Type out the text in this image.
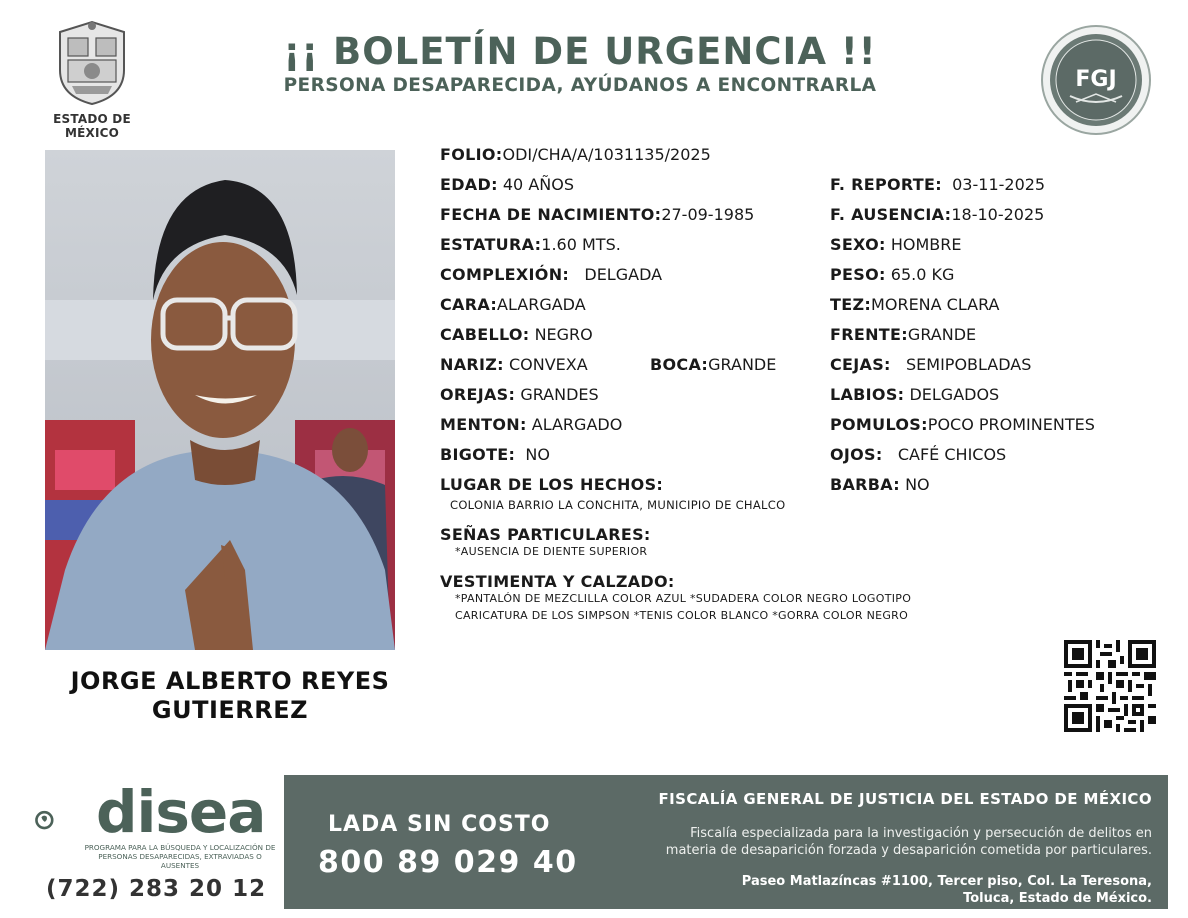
ESTADO DE MÉXICO
¡¡ BOLETÍN DE URGENCIA !!
PERSONA DESAPARECIDA, AYÚDANOS A ENCONTRARLA	FGJ
JORGE ALBERTO REYES
GUTIERREZ
FOLIO:ODI/CHA/A/1031135/2025
EDAD: 40 AÑOS
FECHA DE NACIMIENTO:27-09-1985
ESTATURA:1.60 MTS.
COMPLEXIÓN: DELGADA
CARA:ALARGADA
CABELLO: NEGRO
NARIZ: CONVEXA	BOCA:GRANDE
OREJAS: GRANDES
MENTON: ALARGADO
BIGOTE: NO
F. REPORTE: 03-11-2025
F. AUSENCIA:18-10-2025
SEXO: HOMBRE
PESO: 65.0 KG
TEZ:MORENA CLARA
FRENTE:GRANDE
CEJAS: SEMIPOBLADAS
LABIOS: DELGADOS
POMULOS:POCO PROMINENTES
OJOS: CAFÉ CHICOS
BARBA: NO
LUGAR DE LOS HECHOS:
COLONIA BARRIO LA CONCHITA, MUNICIPIO DE CHALCO
SEÑAS PARTICULARES:
*AUSENCIA DE DIENTE SUPERIOR
VESTIMENTA Y CALZADO:
*PANTALÓN DE MEZCLILLA COLOR AZUL *SUDADERA COLOR NEGRO LOGOTIPO
CARICATURA DE LOS SIMPSON *TENIS COLOR BLANCO *GORRA COLOR NEGRO
disea
PROGRAMA PARA LA BÚSQUEDA Y LOCALIZACIÓN DE PERSONAS DESAPARECIDAS, EXTRAVIADAS O AUSENTES
(722) 283 20 12
LADA SIN COSTO
800 89 029 40
FISCALÍA GENERAL DE JUSTICIA DEL ESTADO DE MÉXICO
Fiscalía especializada para la investigación y persecución de delitos en
materia de desaparición forzada y desaparición cometida por particulares.
Paseo Matlazíncas #1100, Tercer piso, Col. La Teresona,
Toluca, Estado de México.
